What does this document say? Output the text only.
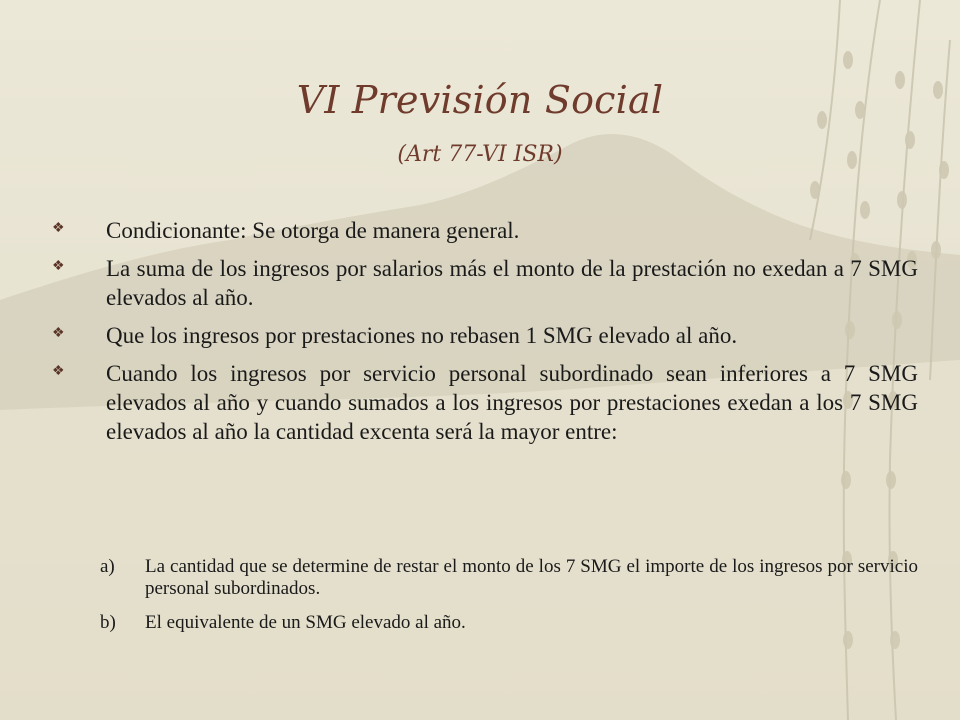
VI Previsión Social
(Art 77-VI ISR)
❖ Condicionante: Se otorga de manera general.
❖ La suma de los ingresos por salarios más el monto de la prestación no exedan a 7 SMG elevados al año.
❖ Que los ingresos por prestaciones no rebasen 1 SMG elevado al año.
❖ Cuando los ingresos por servicio personal subordinado sean inferiores a 7 SMG elevados al año y cuando sumados a los ingresos por prestaciones exedan a los 7 SMG elevados al año la cantidad excenta será la mayor entre:
a) La cantidad que se determine de restar el monto de los 7 SMG el importe de los ingresos por servicio personal subordinados.
b) El equivalente de un SMG elevado al año.
